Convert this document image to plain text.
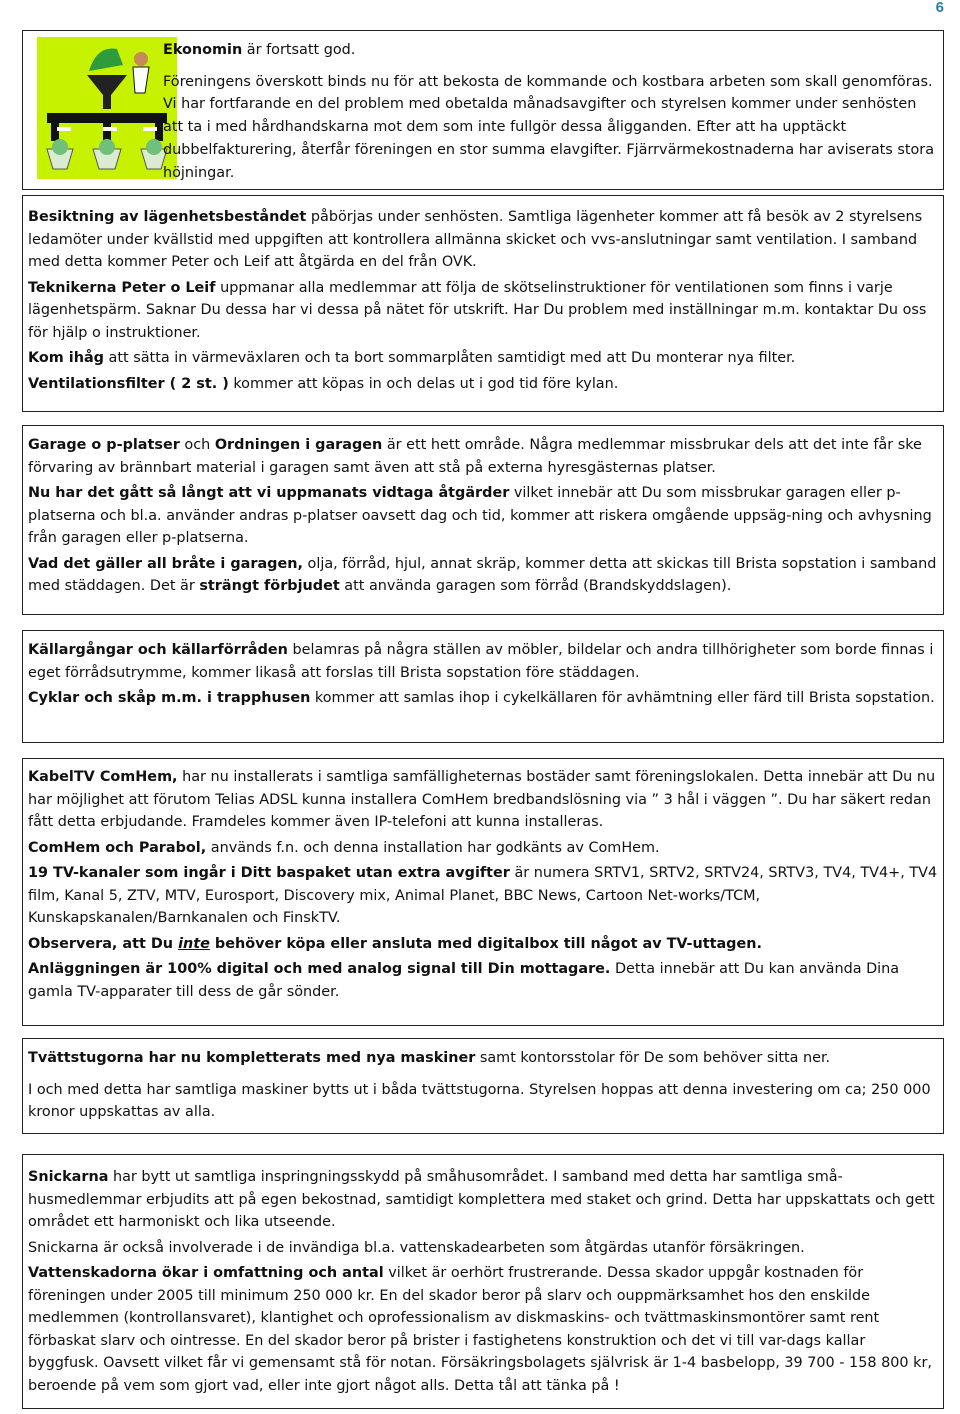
6

Ekonomin är fortsatt god.

Föreningens överskott binds nu för att bekosta de kommande och kostbara arbeten som skall genomföras. Vi har fortfarande en del problem med obetalda månadsavgifter och styrelsen kommer under senhösten att ta i med hårdhandskarna mot dem som inte fullgör dessa åligganden. Efter att ha upptäckt dubbelfakturering, återfår föreningen en stor summa elavgifter. Fjärrvärmekostnaderna har aviserats stora höjningar.

Besiktning av lägenhetsbeståndet påbörjas under senhösten. Samtliga lägenheter kommer att få besök av 2 styrelsens ledamöter under kvällstid med uppgiften att kontrollera allmänna skicket och vvs-anslutningar samt ventilation. I samband med detta kommer Peter och Leif att åtgärda en del från OVK.

Teknikerna Peter o Leif uppmanar alla medlemmar att följa de skötselinstruktioner för ventilationen som finns i varje lägenhetspärm. Saknar Du dessa har vi dessa på nätet för utskrift. Har Du problem med inställningar m.m. kontaktar Du oss för hjälp o instruktioner.

Kom ihåg att sätta in värmeväxlaren och ta bort sommarplåten samtidigt med att Du monterar nya filter.

Ventilationsfilter ( 2 st. ) kommer att köpas in och delas ut i god tid före kylan.

Garage o p-platser och Ordningen i garagen är ett hett område. Några medlemmar missbrukar dels att det inte får ske förvaring av brännbart material i garagen samt även att stå på externa hyresgästernas platser.

Nu har det gått så långt att vi uppmanats vidtaga åtgärder vilket innebär att Du som missbrukar garagen eller p-platserna och bl.a. använder andras p-platser oavsett dag och tid, kommer att riskera omgående uppsäg-ning och avhysning från garagen eller p-platserna.

Vad det gäller all bråte i garagen, olja, förråd, hjul, annat skräp, kommer detta att skickas till Brista sopstation i samband med städdagen. Det är strängt förbjudet att använda garagen som förråd (Brandskyddslagen).

Källargångar och källarförråden belamras på några ställen av möbler, bildelar och andra tillhörigheter som borde finnas i eget förrådsutrymme, kommer likaså att forslas till Brista sopstation före städdagen.

Cyklar och skåp m.m. i trapphusen kommer att samlas ihop i cykelkällaren för avhämtning eller färd till Brista sopstation.

KabelTV ComHem, har nu installerats i samtliga samfälligheternas bostäder samt föreningslokalen. Detta innebär att Du nu har möjlighet att förutom Telias ADSL kunna installera ComHem bredbandslösning via ” 3 hål i väggen ”. Du har säkert redan fått detta erbjudande. Framdeles kommer även IP-telefoni att kunna installeras.

ComHem och Parabol, används f.n. och denna installation har godkänts av ComHem.

19 TV-kanaler som ingår i Ditt baspaket utan extra avgifter är numera SRTV1, SRTV2, SRTV24, SRTV3, TV4, TV4+, TV4 film, Kanal 5, ZTV, MTV, Eurosport, Discovery mix, Animal Planet, BBC News, Cartoon Net-works/TCM, Kunskapskanalen/Barnkanalen och FinskTV.

Observera, att Du inte behöver köpa eller ansluta med digitalbox till något av TV-uttagen.

Anläggningen är 100% digital och med analog signal till Din mottagare. Detta innebär att Du kan använda Dina gamla TV-apparater till dess de går sönder.

Tvättstugorna har nu kompletterats med nya maskiner samt kontorsstolar för De som behöver sitta ner.

I och med detta har samtliga maskiner bytts ut i båda tvättstugorna. Styrelsen hoppas att denna investering om ca; 250 000 kronor uppskattas av alla.

Snickarna har bytt ut samtliga inspringningsskydd på småhusområdet. I samband med detta har samtliga små-husmedlemmar erbjudits att på egen bekostnad, samtidigt komplettera med staket och grind. Detta har uppskattats och gett området ett harmoniskt och lika utseende.

Snickarna är också involverade i de invändiga bl.a. vattenskadearbeten som åtgärdas utanför försäkringen.

Vattenskadorna ökar i omfattning och antal vilket är oerhört frustrerande. Dessa skador uppgår kostnaden för föreningen under 2005 till minimum 250 000 kr. En del skador beror på slarv och ouppmärksamhet hos den enskilde medlemmen (kontrollansvaret), klantighet och oprofessionalism av diskmaskins- och tvättmaskinsmontörer samt rent förbaskat slarv och ointresse. En del skador beror på brister i fastighetens konstruktion och det vi till var-dags kallar byggfusk. Oavsett vilket får vi gemensamt stå för notan. Försäkringsbolagets självrisk är 1-4 basbelopp, 39 700 - 158 800 kr, beroende på vem som gjort vad, eller inte gjort något alls. Detta tål att tänka på !
